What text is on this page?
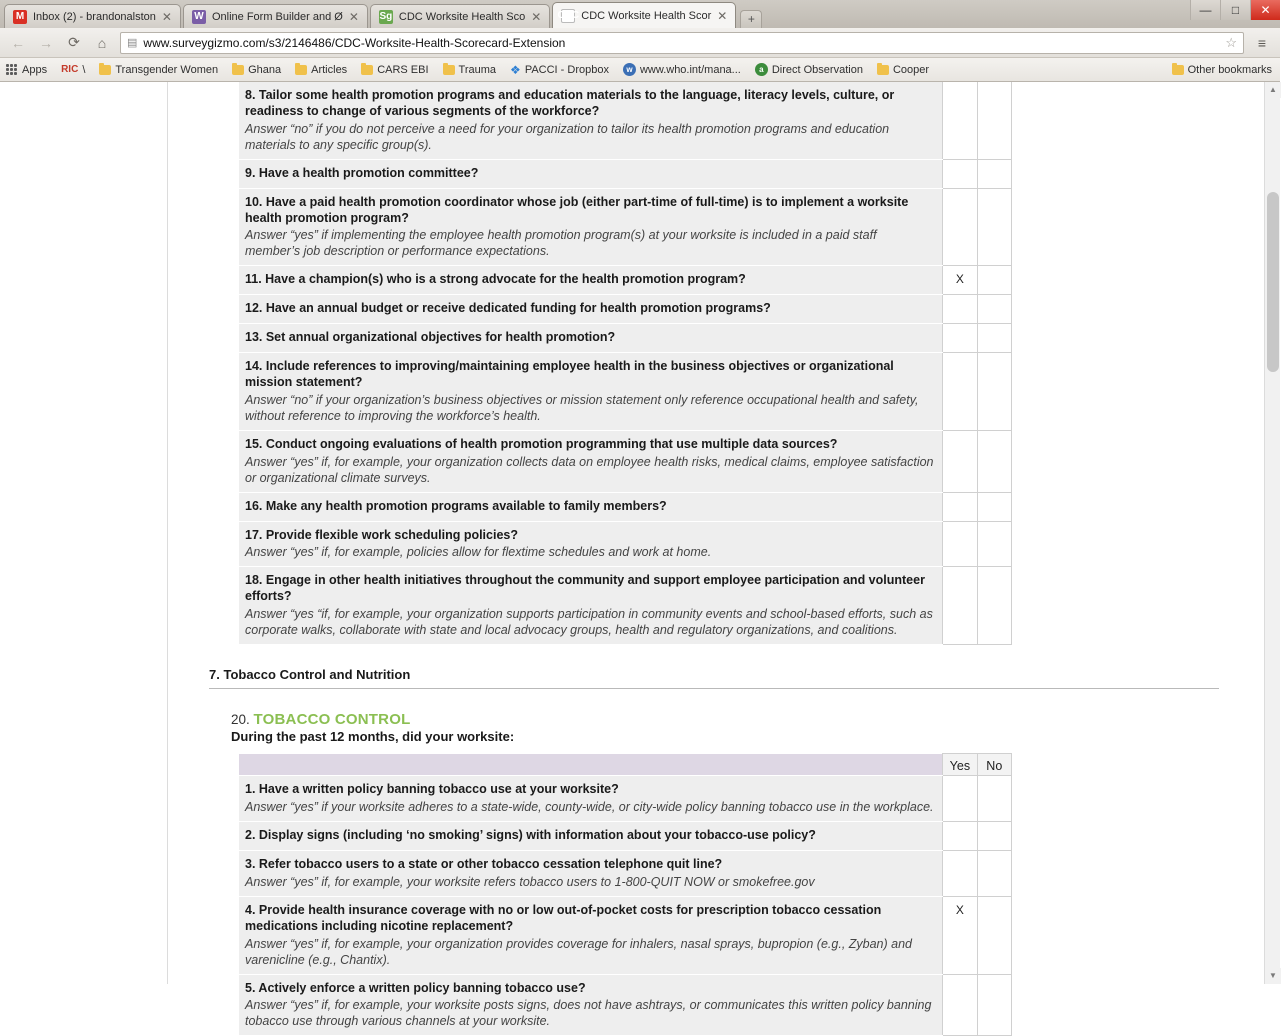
M Inbox (2) - brandonalston ✕ W Online Form Builder and Ø ✕ Sg CDC Worksite Health Sco ✕ CDC CDC Worksite Health Scor ✕	+
—	□	✕
← → ⟳	⌂	▤ www.surveygizmo.com/s3/2146486/CDC-Worksite-Health-Scorecard-Extension	☆	≡
Apps RIC \	Transgender Women	Ghana	Articles	CARS EBI	Trauma ❖ PACCI - Dropbox	w www.who.int/mana...	a Direct Observation	Cooper	Other bookmarks
8. Tailor some health promotion programs and education materials to the language, literacy levels, culture, or readiness to change of various segments of the workforce?
Answer “no” if you do not perceive a need for your organization to tailor its health promotion programs and education materials to any specific group(s).		

9. Have a health promotion committee?		

10. Have a paid health promotion coordinator whose job (either part-time of full-time) is to implement a worksite health promotion program?
Answer “yes” if implementing the employee health promotion program(s) at your worksite is included in a paid staff member’s job description or performance expectations.		

11. Have a champion(s) who is a strong advocate for the health promotion program?	X	

12. Have an annual budget or receive dedicated funding for health promotion programs?		

13. Set annual organizational objectives for health promotion?		

14. Include references to improving/maintaining employee health in the business objectives or organizational mission statement?
Answer “no” if your organization’s business objectives or mission statement only reference occupational health and safety, without reference to improving the workforce’s health.		

15. Conduct ongoing evaluations of health promotion programming that use multiple data sources?
Answer “yes” if, for example, your organization collects data on employee health risks, medical claims, employee satisfaction or organizational climate surveys.		

16. Make any health promotion programs available to family members?		

17. Provide flexible work scheduling policies?
Answer “yes” if, for example, policies allow for flextime schedules and work at home.		

18. Engage in other health initiatives throughout the community and support employee participation and volunteer efforts?
Answer “yes “if, for example, your organization supports participation in community events and school-based efforts, such as corporate walks, collaborate with state and local advocacy groups, health and regulatory organizations, and coalitions.		

7. Tobacco Control and Nutrition
20. TOBACCO CONTROL
During the past 12 months, did your worksite:
	Yes	No

1. Have a written policy banning tobacco use at your worksite?
Answer “yes” if your worksite adheres to a state-wide, county-wide, or city-wide policy banning tobacco use in the workplace.		

2. Display signs (including ‘no smoking’ signs) with information about your tobacco-use policy?		

3. Refer tobacco users to a state or other tobacco cessation telephone quit line?
Answer “yes” if, for example, your worksite refers tobacco users to 1-800-QUIT NOW or smokefree.gov		

4. Provide health insurance coverage with no or low out-of-pocket costs for prescription tobacco cessation medications including nicotine replacement?
Answer “yes” if, for example, your organization provides coverage for inhalers, nasal sprays, bupropion (e.g., Zyban) and varenicline (e.g., Chantix).	X	

5. Actively enforce a written policy banning tobacco use?
Answer “yes” if, for example, your worksite posts signs, does not have ashtrays, or communicates this written policy banning tobacco use through various channels at your worksite.		

▲
▼
